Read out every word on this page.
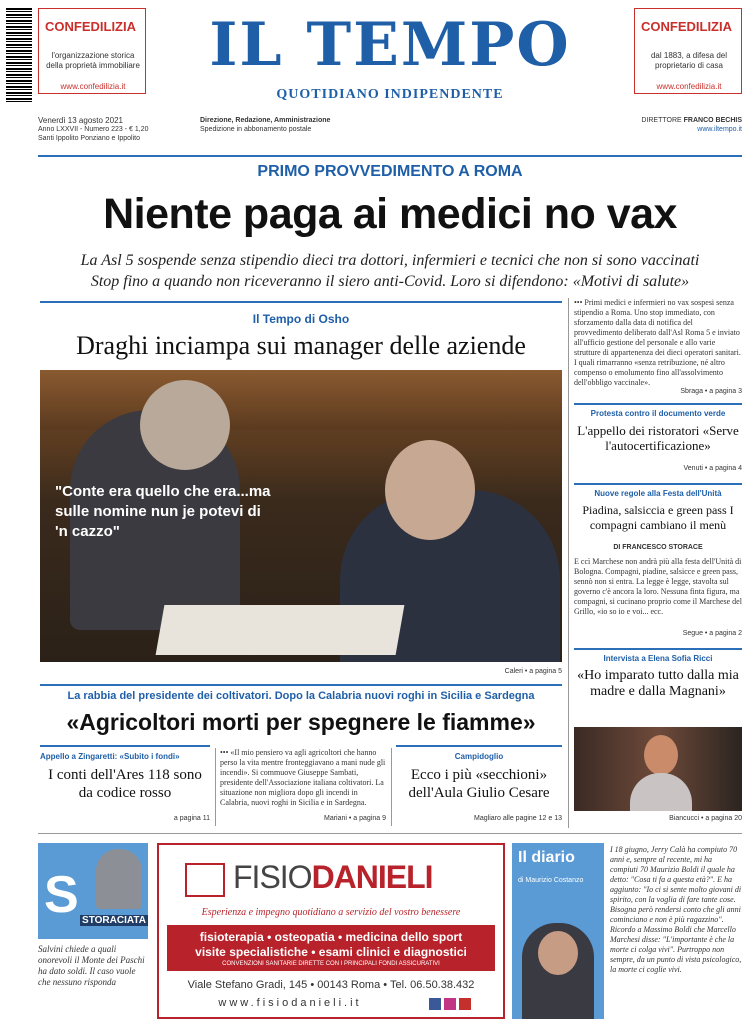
CONFEDILIZIA
l'organizzazione storica della proprietà immobiliare
www.confedilizia.it
IL TEMPO
QUOTIDIANO INDIPENDENTE
CONFEDILIZIA
dal 1883, a difesa del proprietario di casa
www.confedilizia.it
Venerdì 13 agosto 2021
Anno LXXVII - Numero 223 - € 1,20
Santi Ippolito Ponziano e Ippolito
Direzione, Redazione, Amministrazione
Spedizione in abbonamento postale
DIRETTORE FRANCO BECHIS
www.iltempo.it
PRIMO PROVVEDIMENTO A ROMA
Niente paga ai medici no vax
La Asl 5 sospende senza stipendio dieci tra dottori, infermieri e tecnici che non si sono vaccinati
Stop fino a quando non riceveranno il siero anti-Covid. Loro si difendono: «Motivi di salute»
••• Primi medici e infermieri no vax sospesi senza stipendio a Roma. Uno stop immediato, con sforzamento dalla data di notifica del provvedimento deliberato dall'Asl Roma 5 e inviato all'ufficio gestione del personale e allo varie strutture di appartenenza dei dieci operatori sanitari. I quali rimarranno «senza retribuzione, né altro compenso o emolumento fino all'assolvimento dell'obbligo vaccinale».
Sbraga • a pagina 3
Il Tempo di Osho
Draghi inciampa sui manager delle aziende
"Conte era quello che era...ma sulle nomine nun je potevi di 'n cazzo"
Caleri • a pagina 5
Protesta contro il documento verde
L'appello dei ristoratori «Serve l'autocertificazione»
Venuti • a pagina 4
Nuove regole alla Festa dell'Unità
Piadina, salsiccia e green pass I compagni cambiano il menù
DI FRANCESCO STORACE
E ccì Marchese non andrà più alla festa dell'Unità di Bologna. Compagni, piadine, salsicce e green pass, sennò non si entra. La legge è legge, stavolta sul governo c'è ancora la loro. Nessuna finta figura, ma compagni, si cucinano proprio come il Marchese del Grillo, «io so io e voi... ecc.
Segue • a pagina 2
Intervista a Elena Sofia Ricci
«Ho imparato tutto dalla mia madre e dalla Magnani»
Biancucci • a pagina 20
La rabbia del presidente dei coltivatori. Dopo la Calabria nuovi roghi in Sicilia e Sardegna
«Agricoltori morti per spegnere le fiamme»
Appello a Zingaretti: «Subito i fondi»
I conti dell'Ares 118 sono da codice rosso
a pagina 11
••• «Il mio pensiero va agli agricoltori che hanno perso la vita mentre fronteggiavano a mani nude gli incendi». Si commuove Giuseppe Sambati, presidente dell'Associazione italiana coltivatori. La situazione non migliora dopo gli incendi in Calabria, nuovi roghi in Sicilia e in Sardegna.
Mariani • a pagina 9
Campidoglio
Ecco i più «secchioni» dell'Aula Giulio Cesare
Magliaro alle pagine 12 e 13
S STORACIATA
Salvini chiede a quali onorevoli il Monte dei Paschi ha dato soldi. Il caso vuole che nessuno risponda
FISIODANIELI
Esperienza e impegno quotidiano a servizio del vostro benessere
fisioterapia • osteopatia • medicina dello sport
visite specialistiche • esami clinici e diagnostici
CONVENZIONI SANITARIE DIRETTE CON I PRINCIPALI FONDI ASSICURATIVI
Viale Stefano Gradi, 145 • 00143 Roma • Tel. 06.50.38.432
www.fisiodanieli.it
Il diario
di Maurizio Costanzo
I 18 giugno, Jerry Calà ha compiuto 70 anni e, sempre al recente, mi ha compiuti 70 Maurizio Boldi il quale ha detto: "Cosa ti fa a questa età?". E ha aggiunto: "Io ci si sente molto giovani di spirito, con la voglia di fare tante cose. Bisogna però rendersi conto che gli anni cominciano e non è più ragazzino". Ricordo a Massimo Boldi che Marcello Marchesi disse: "L'importante è che la morte ci colga vivi". Purtroppo non sempre, da un punto di vista psicologico, la morte ci coglie vivi.
